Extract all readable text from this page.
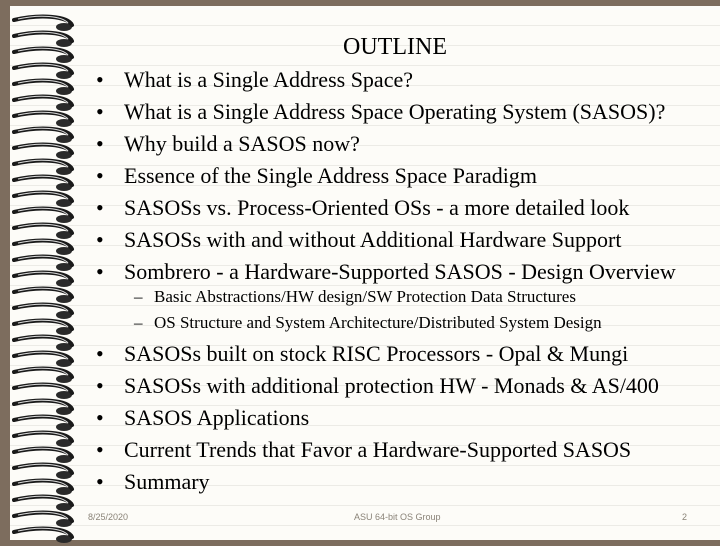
OUTLINE
• What is a Single Address Space?
• What is a Single Address Space Operating System (SASOS)?
• Why build a SASOS now?
• Essence of the Single Address Space Paradigm
• SASOSs vs. Process-Oriented OSs - a more detailed look
• SASOSs with and without Additional Hardware Support
• Sombrero - a Hardware-Supported SASOS - Design Overview
– Basic Abstractions/HW design/SW Protection Data Structures
– OS Structure and System Architecture/Distributed System Design
• SASOSs built on stock RISC Processors - Opal & Mungi
• SASOSs with additional protection HW - Monads & AS/400
• SASOS Applications
• Current Trends that Favor a Hardware-Supported SASOS
• Summary
8/25/2020	ASU 64-bit OS Group	2
